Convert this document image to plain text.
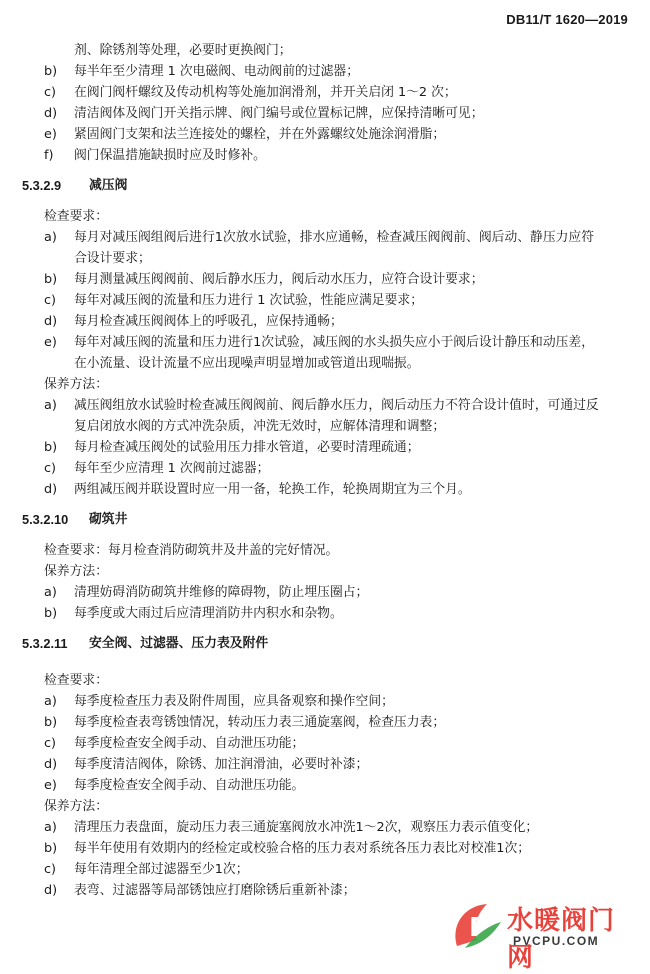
DB11/T 1620—2019
剂、除锈剂等处理，必要时更换阀门；
b) 每半年至少清理 1 次电磁阀、电动阀前的过滤器；
c) 在阀门阀杆螺纹及传动机构等处施加润滑剂，并开关启闭 1～2 次；
d) 清洁阀体及阀门开关指示牌、阀门编号或位置标记牌，应保持清晰可见；
e) 紧固阀门支架和法兰连接处的螺栓，并在外露螺纹处施涂润滑脂；
f) 阀门保温措施缺损时应及时修补。
5.3.2.9 减压阀
检查要求：
a) 每月对减压阀组阀后进行1次放水试验，排水应通畅，检查减压阀阀前、阀后动、静压力应符
合设计要求；
b) 每月测量减压阀阀前、阀后静水压力，阀后动水压力，应符合设计要求；
c) 每年对减压阀的流量和压力进行 1 次试验，性能应满足要求；
d) 每月检查减压阀阀体上的呼吸孔，应保持通畅；
e) 每年对减压阀的流量和压力进行1次试验，减压阀的水头损失应小于阀后设计静压和动压差，
在小流量、设计流量不应出现噪声明显增加或管道出现喘振。
保养方法：
a) 减压阀组放水试验时检查减压阀阀前、阀后静水压力，阀后动压力不符合设计值时，可通过反
复启闭放水阀的方式冲洗杂质，冲洗无效时，应解体清理和调整；
b) 每月检查减压阀处的试验用压力排水管道，必要时清理疏通；
c) 每年至少应清理 1 次阀前过滤器；
d) 两组减压阀并联设置时应一用一备，轮换工作，轮换周期宜为三个月。
5.3.2.10 砌筑井
检查要求：每月检查消防砌筑井及井盖的完好情况。
保养方法：
a) 清理妨碍消防砌筑井维修的障碍物，防止埋压圈占；
b) 每季度或大雨过后应清理消防井内积水和杂物。
5.3.2.11 安全阀、过滤器、压力表及附件
检查要求：
a) 每季度检查压力表及附件周围，应具备观察和操作空间；
b) 每季度检查表弯锈蚀情况，转动压力表三通旋塞阀，检查压力表；
c) 每季度检查安全阀手动、自动泄压功能；
d) 每季度清洁阀体，除锈、加注润滑油，必要时补漆；
e) 每季度检查安全阀手动、自动泄压功能。
保养方法：
a) 清理压力表盘面，旋动压力表三通旋塞阀放水冲洗1～2次，观察压力表示值变化；
b) 每半年使用有效期内的经检定或校验合格的压力表对系统各压力表比对校准1次；
c) 每年清理全部过滤器至少1次；
d) 表弯、过滤器等局部锈蚀应打磨除锈后重新补漆；
P 水暖阀门网
PVCPU.COM
